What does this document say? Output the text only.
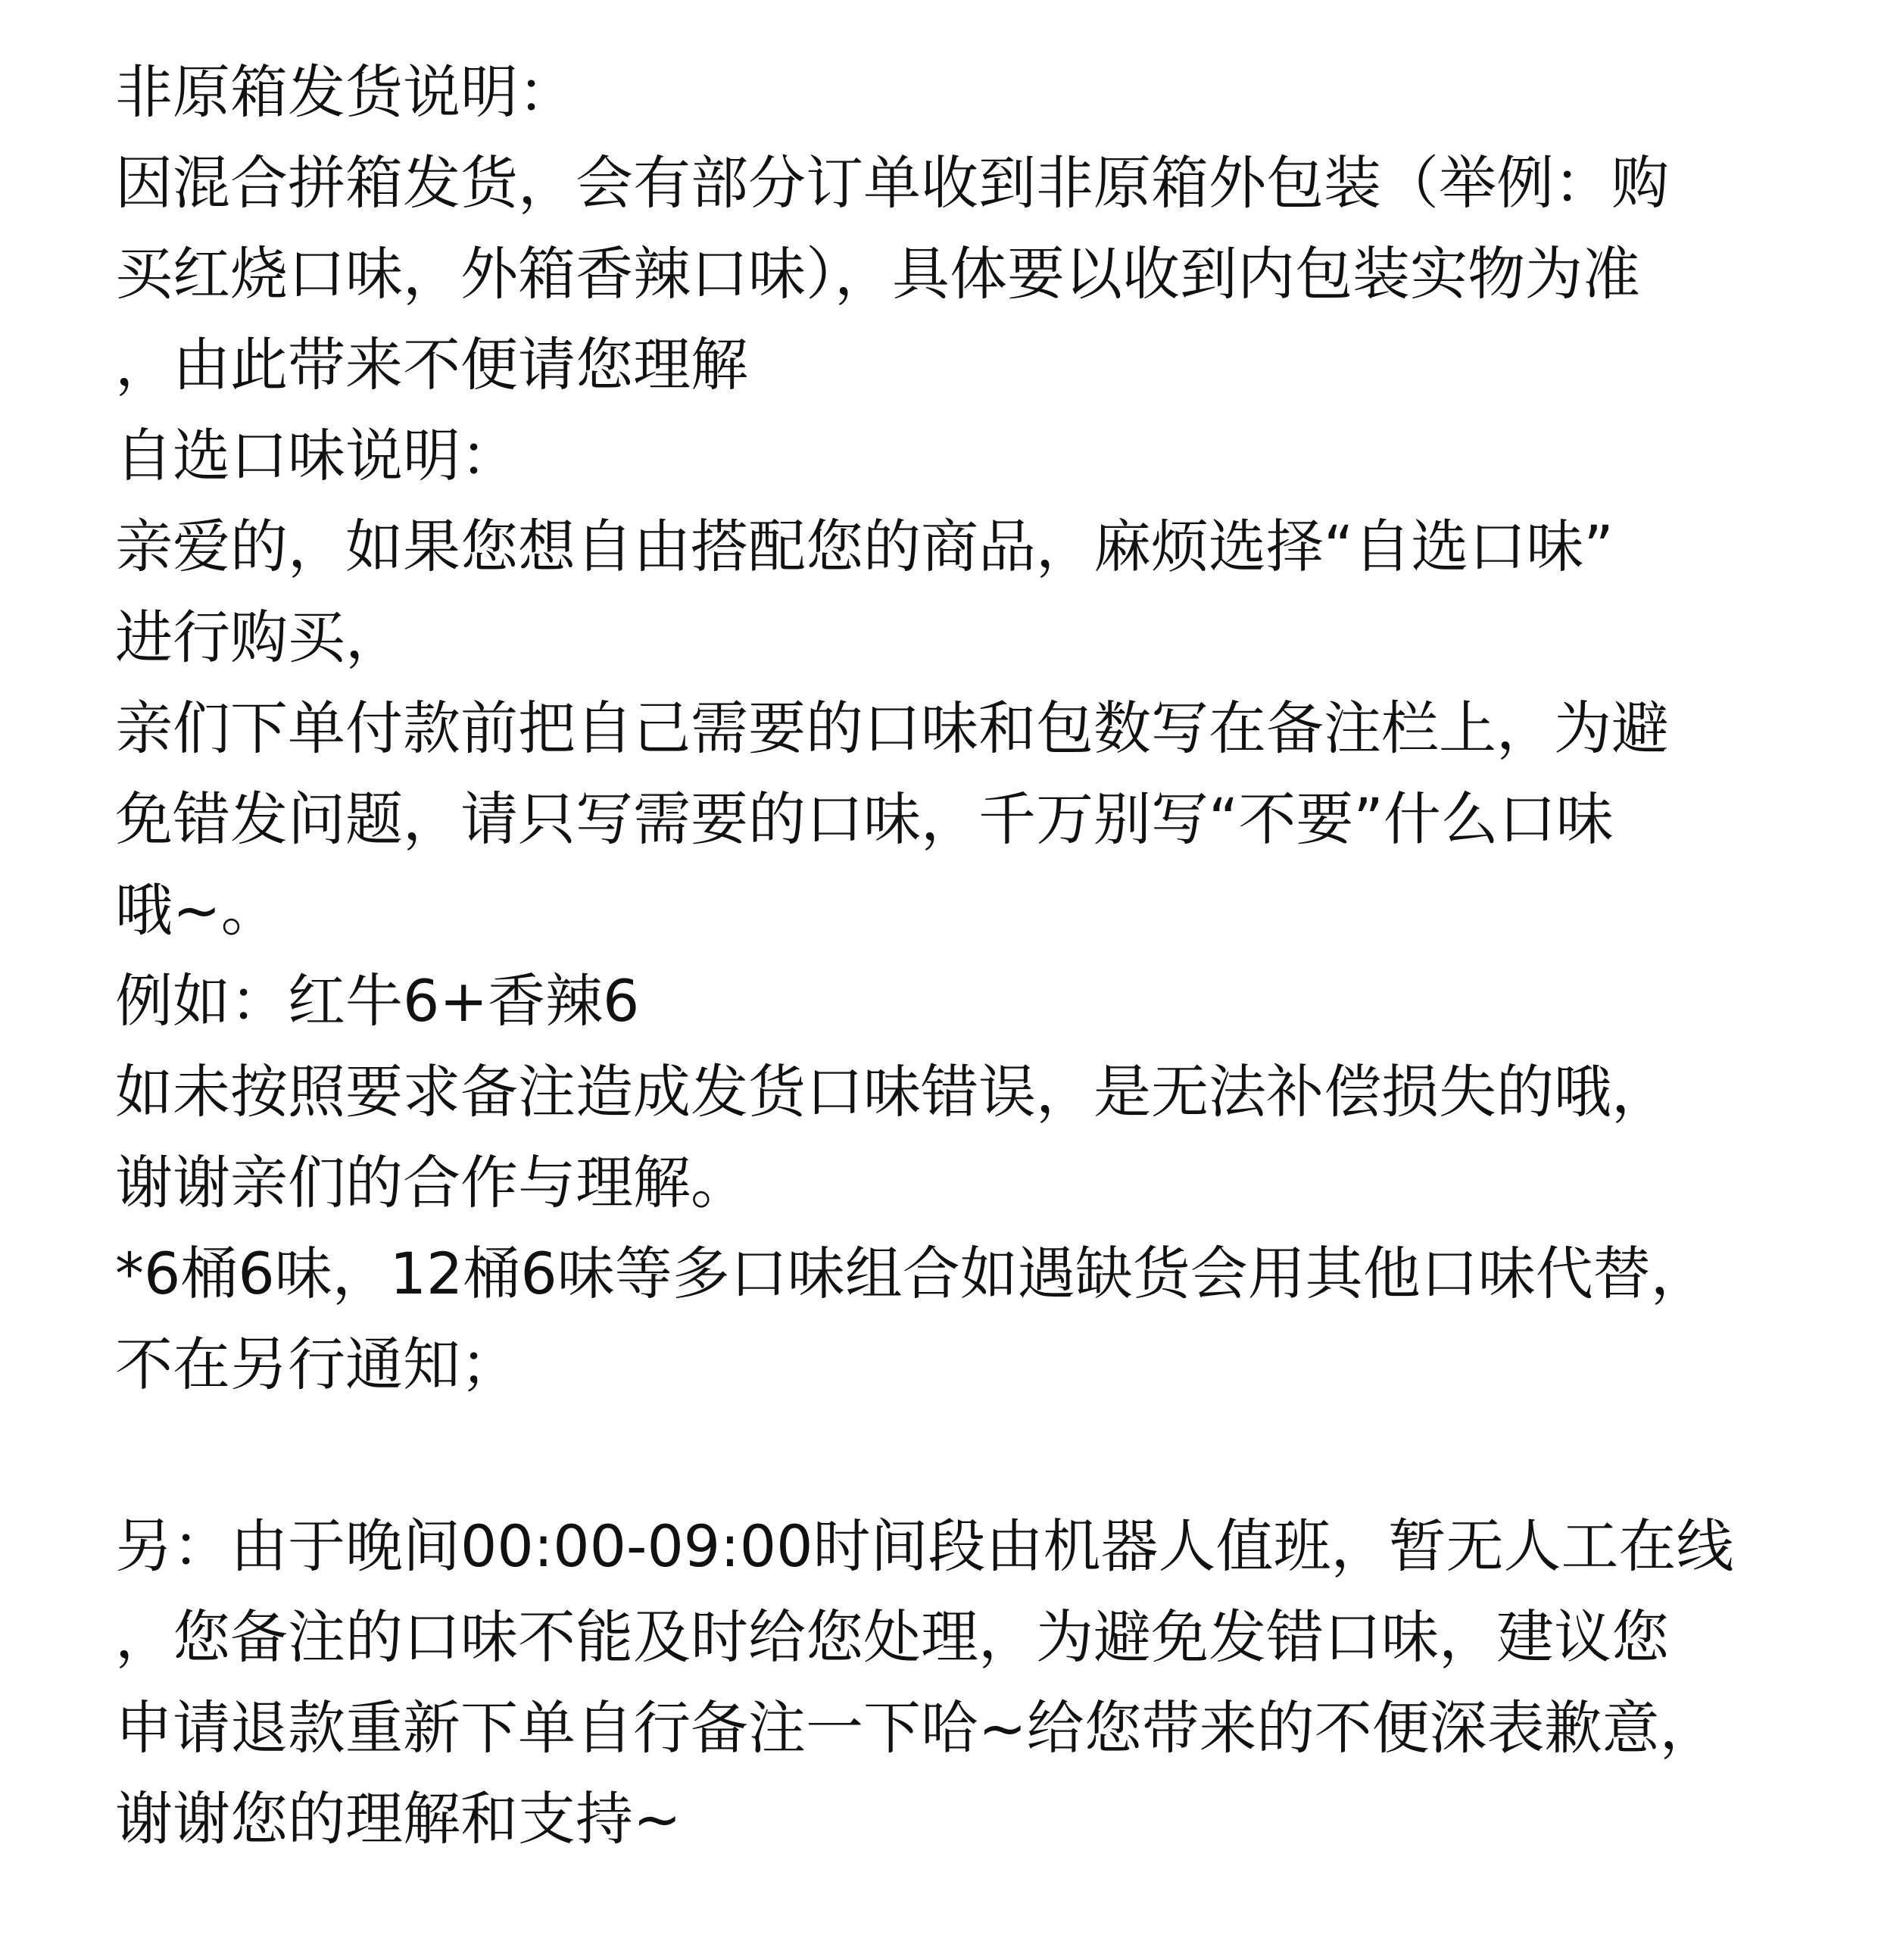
非原箱发货说明：
因混合拼箱发货，会有部分订单收到非原箱外包装（举例：购
买红烧口味，外箱香辣口味），具体要以收到内包装实物为准
，由此带来不便请您理解
自选口味说明：
亲爱的，如果您想自由搭配您的商品，麻烦选择“自选口味”
进行购买，
亲们下单付款前把自己需要的口味和包数写在备注栏上，为避
免错发问题，请只写需要的口味，千万别写“不要”什么口味
哦~。
例如：红牛6+香辣6
如未按照要求备注造成发货口味错误，是无法补偿损失的哦，
谢谢亲们的合作与理解。
*6桶6味，12桶6味等多口味组合如遇缺货会用其他口味代替，
不在另行通知；
另：由于晚间00:00-09:00时间段由机器人值班，暂无人工在线
，您备注的口味不能及时给您处理，为避免发错口味，建议您
申请退款重新下单自行备注一下哈~给您带来的不便深表歉意，
谢谢您的理解和支持~
